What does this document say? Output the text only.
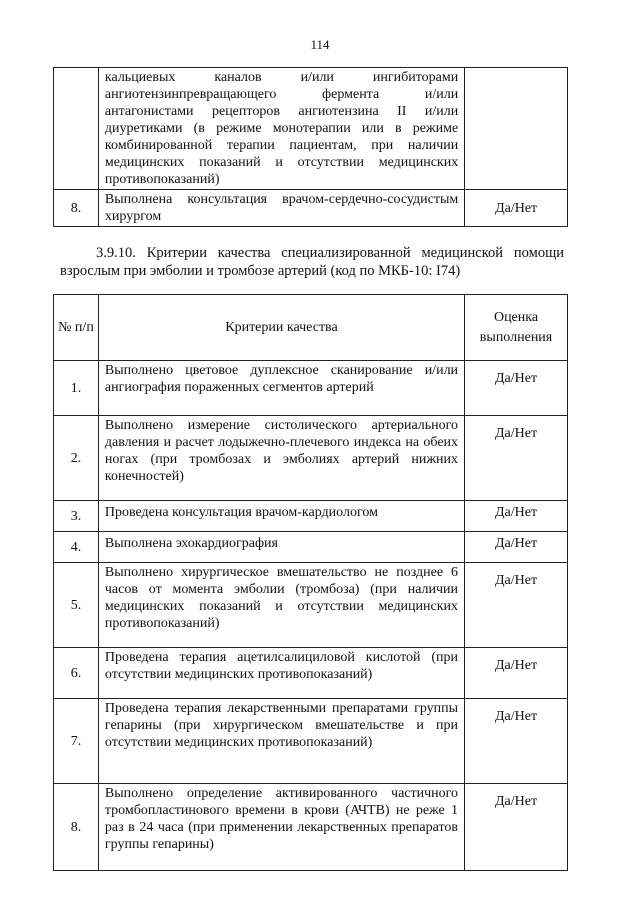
114
	кальциевых каналов и/или ингибиторами ангиотензинпревращающего фермента и/или антагонистами рецепторов ангиотензина II и/или диуретиками (в режиме монотерапии или в режиме комбинированной терапии пациентам, при наличии медицинских показаний и отсутствии медицинских противопоказаний)	
8.	Выполнена консультация врачом-сердечно-сосудистым хирургом	Да/Нет
3.9.10. Критерии качества специализированной медицинской помощи взрослым при эмболии и тромбозе артерий (код по МКБ-10: I74)
№ п/п	Критерии качества	Оценка выполнения
1.	Выполнено цветовое дуплексное сканирование и/или ангиография пораженных сегментов артерий	Да/Нет
2.	Выполнено измерение систолического артериального давления и расчет лодыжечно-плечевого индекса на обеих ногах (при тромбозах и эмболиях артерий нижних конечностей)	Да/Нет
3.	Проведена консультация врачом-кардиологом	Да/Нет
4.	Выполнена эхокардиография	Да/Нет
5.	Выполнено хирургическое вмешательство не позднее 6 часов от момента эмболии (тромбоза) (при наличии медицинских показаний и отсутствии медицинских противопоказаний)	Да/Нет
6.	Проведена терапия ацетилсалициловой кислотой (при отсутствии медицинских противопоказаний)	Да/Нет
7.	Проведена терапия лекарственными препаратами группы гепарины (при хирургическом вмешательстве и при отсутствии медицинских противопоказаний)	Да/Нет
8.	Выполнено определение активированного частичного тромбопластинового времени в крови (АЧТВ) не реже 1 раз в 24 часа (при применении лекарственных препаратов группы гепарины)	Да/Нет
